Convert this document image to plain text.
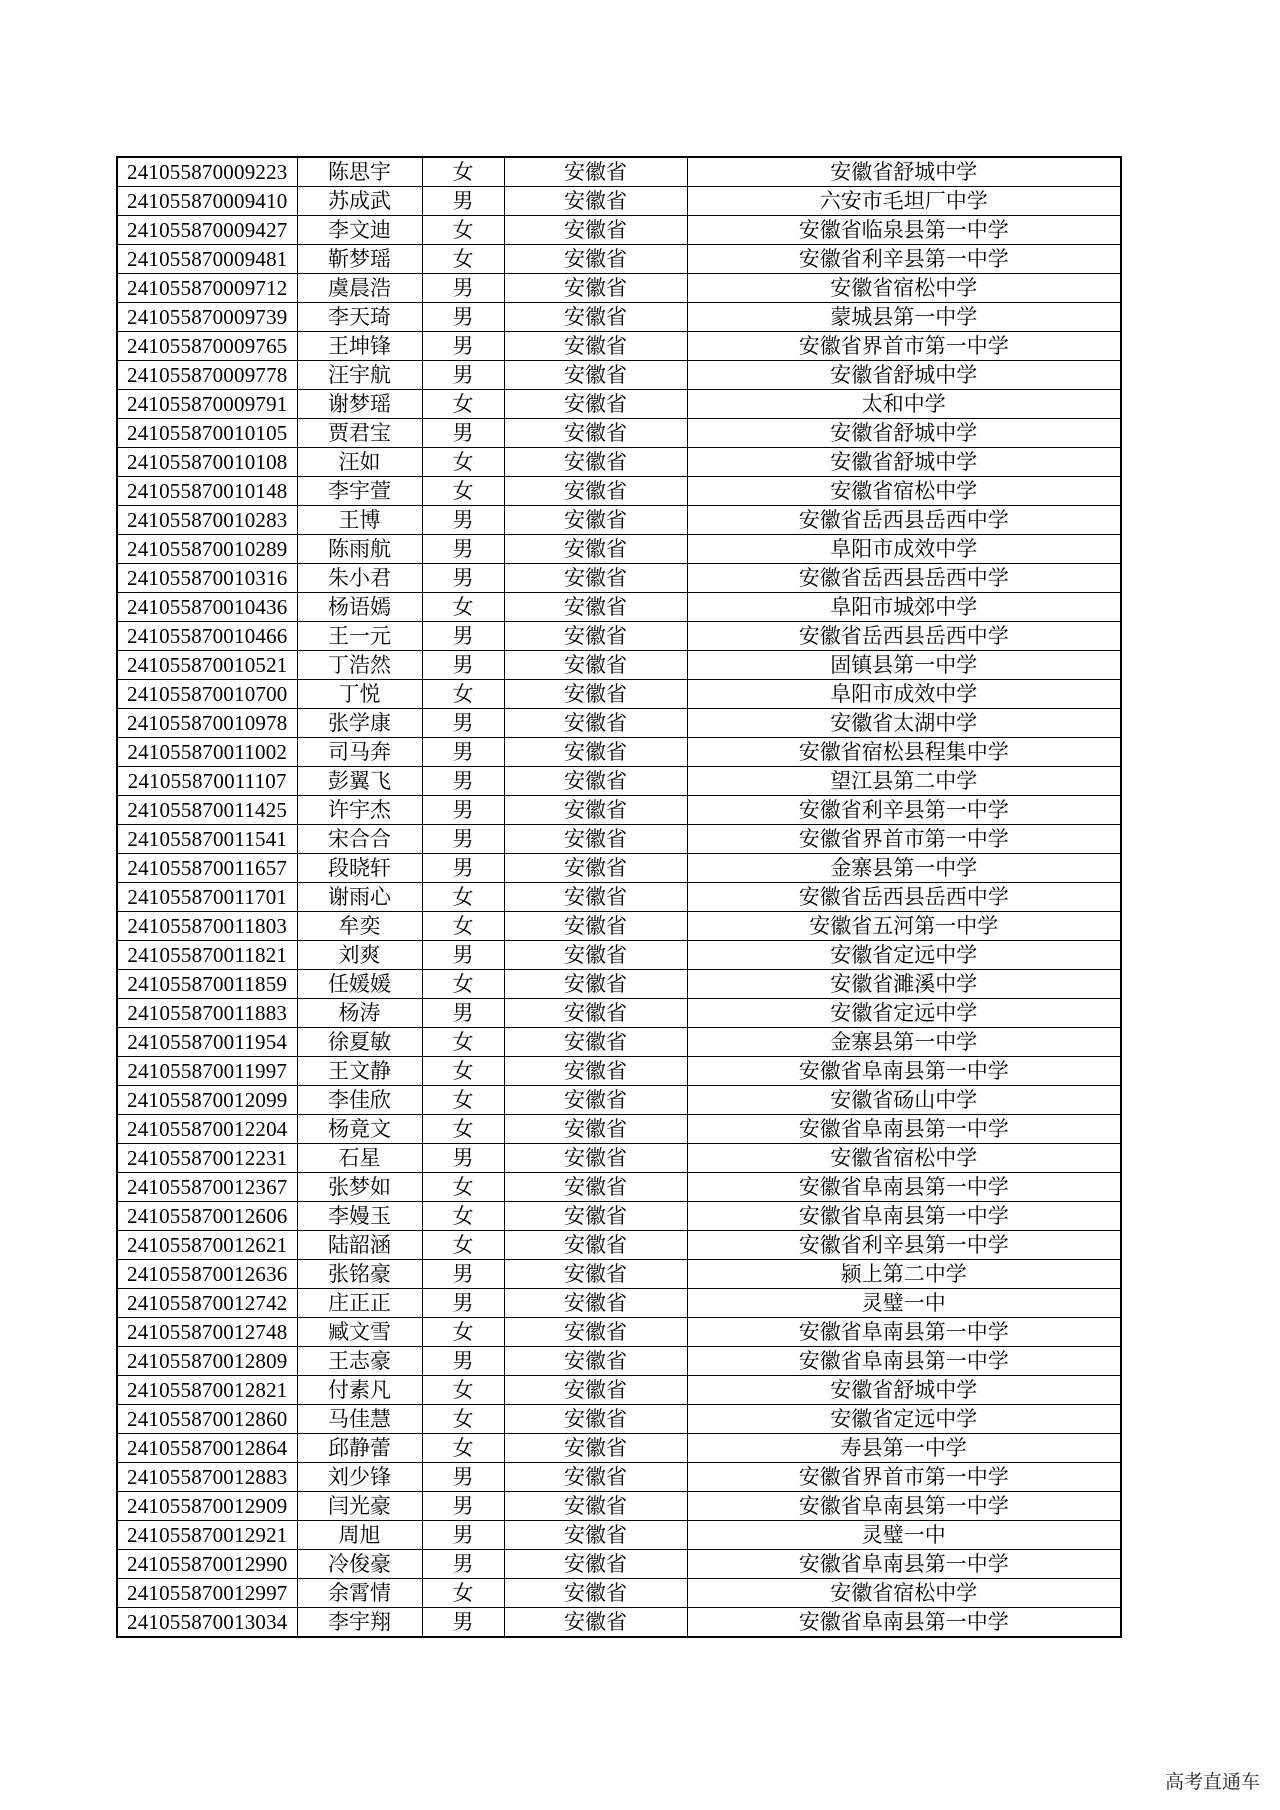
241055870009223	陈思宇	女	安徽省	安徽省舒城中学
241055870009410	苏成武	男	安徽省	六安市毛坦厂中学
241055870009427	李文迪	女	安徽省	安徽省临泉县第一中学
241055870009481	靳梦瑶	女	安徽省	安徽省利辛县第一中学
241055870009712	虞晨浩	男	安徽省	安徽省宿松中学
241055870009739	李天琦	男	安徽省	蒙城县第一中学
241055870009765	王坤锋	男	安徽省	安徽省界首市第一中学
241055870009778	汪宇航	男	安徽省	安徽省舒城中学
241055870009791	谢梦瑶	女	安徽省	太和中学
241055870010105	贾君宝	男	安徽省	安徽省舒城中学
241055870010108	汪如	女	安徽省	安徽省舒城中学
241055870010148	李宇萱	女	安徽省	安徽省宿松中学
241055870010283	王博	男	安徽省	安徽省岳西县岳西中学
241055870010289	陈雨航	男	安徽省	阜阳市成效中学
241055870010316	朱小君	男	安徽省	安徽省岳西县岳西中学
241055870010436	杨语嫣	女	安徽省	阜阳市城郊中学
241055870010466	王一元	男	安徽省	安徽省岳西县岳西中学
241055870010521	丁浩然	男	安徽省	固镇县第一中学
241055870010700	丁悦	女	安徽省	阜阳市成效中学
241055870010978	张学康	男	安徽省	安徽省太湖中学
241055870011002	司马奔	男	安徽省	安徽省宿松县程集中学
241055870011107	彭翼飞	男	安徽省	望江县第二中学
241055870011425	许宇杰	男	安徽省	安徽省利辛县第一中学
241055870011541	宋合合	男	安徽省	安徽省界首市第一中学
241055870011657	段晓轩	男	安徽省	金寨县第一中学
241055870011701	谢雨心	女	安徽省	安徽省岳西县岳西中学
241055870011803	牟奕	女	安徽省	安徽省五河第一中学
241055870011821	刘爽	男	安徽省	安徽省定远中学
241055870011859	任媛媛	女	安徽省	安徽省濉溪中学
241055870011883	杨涛	男	安徽省	安徽省定远中学
241055870011954	徐夏敏	女	安徽省	金寨县第一中学
241055870011997	王文静	女	安徽省	安徽省阜南县第一中学
241055870012099	李佳欣	女	安徽省	安徽省砀山中学
241055870012204	杨竟文	女	安徽省	安徽省阜南县第一中学
241055870012231	石星	男	安徽省	安徽省宿松中学
241055870012367	张梦如	女	安徽省	安徽省阜南县第一中学
241055870012606	李嫚玉	女	安徽省	安徽省阜南县第一中学
241055870012621	陆韶涵	女	安徽省	安徽省利辛县第一中学
241055870012636	张铭豪	男	安徽省	颍上第二中学
241055870012742	庄正正	男	安徽省	灵璧一中
241055870012748	臧文雪	女	安徽省	安徽省阜南县第一中学
241055870012809	王志豪	男	安徽省	安徽省阜南县第一中学
241055870012821	付素凡	女	安徽省	安徽省舒城中学
241055870012860	马佳慧	女	安徽省	安徽省定远中学
241055870012864	邱静蕾	女	安徽省	寿县第一中学
241055870012883	刘少锋	男	安徽省	安徽省界首市第一中学
241055870012909	闫光豪	男	安徽省	安徽省阜南县第一中学
241055870012921	周旭	男	安徽省	灵璧一中
241055870012990	冷俊豪	男	安徽省	安徽省阜南县第一中学
241055870012997	余霄情	女	安徽省	安徽省宿松中学
241055870013034	李宇翔	男	安徽省	安徽省阜南县第一中学
高考直通车
